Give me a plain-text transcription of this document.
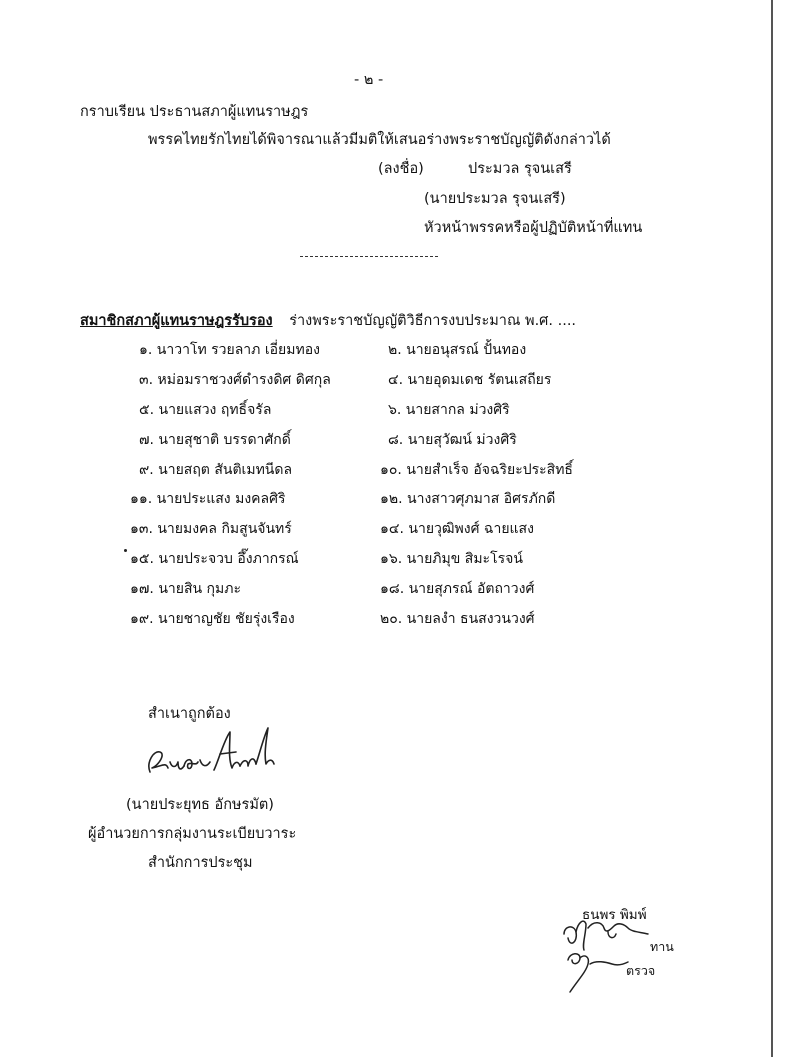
- ๒ -
กราบเรียน ประธานสภาผู้แทนราษฎร
พรรคไทยรักไทยได้พิจารณาแล้วมีมติให้เสนอร่างพระราชบัญญัติดังกล่าวได้
(ลงชื่อ)	ประมวล รุจนเสรี
(นายประมวล รุจนเสรี)
หัวหน้าพรรคหรือผู้ปฏิบัติหน้าที่แทน
สมาชิกสภาผู้แทนราษฎรรับรอง ร่างพระราชบัญญัติวิธีการงบประมาณ พ.ศ. ....
๑. นาวาโท รวยลาภ เอี่ยมทอง	๒. นายอนุสรณ์ ปั้นทอง
๓. หม่อมราชวงศ์ดำรงดิศ ดิศกุล	๔. นายอุดมเดช รัตนเสถียร
๕. นายแสวง ฤทธิ์จรัล	๖. นายสากล ม่วงศิริ
๗. นายสุชาติ บรรดาศักดิ์	๘. นายสุวัฒน์ ม่วงศิริ
๙. นายสฤต สันติเมทนีดล	๑๐. นายสำเร็จ อัจฉริยะประสิทธิ์
๑๑. นายประแสง มงคลศิริ	๑๒. นางสาวศุภมาส อิศรภักดี
๑๓. นายมงคล กิมสูนจันทร์	๑๔. นายวุฒิพงศ์ ฉายแสง
๑๕. นายประจวบ อึ๊งภากรณ์	๑๖. นายภิมุข สิมะโรจน์
๑๗. นายสิน กุมภะ	๑๘. นายสุภรณ์ อัตถาวงศ์
๑๙. นายชาญชัย ชัยรุ่งเรือง	๒๐. นายลงำ ธนสงวนวงศ์
สำเนาถูกต้อง
(นายประยุทธ อักษรมัต)
ผู้อำนวยการกลุ่มงานระเบียบวาระ
สำนักการประชุม
ธนพร พิมพ์
ทาน
ตรวจ
